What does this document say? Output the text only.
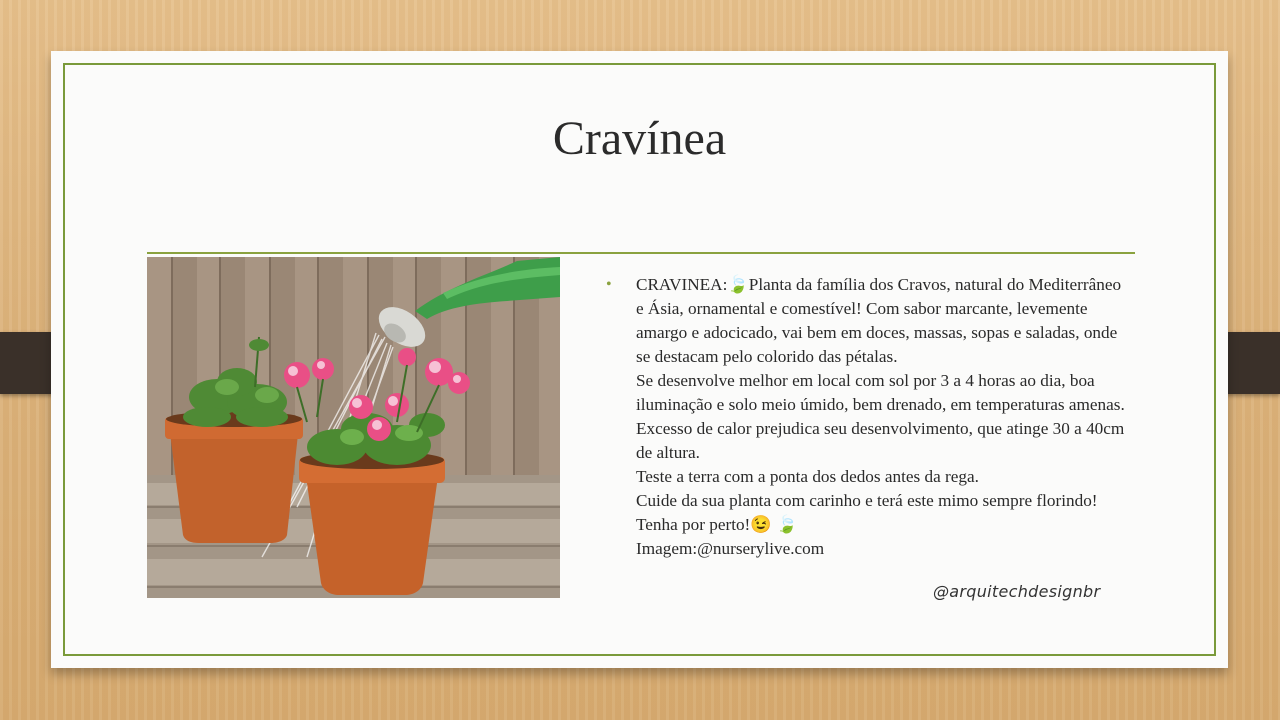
Cravínea
• CRAVINEA:🍃Planta da família dos Cravos, natural do Mediterrâneo e Ásia, ornamental e comestível! Com sabor marcante, levemente amargo e adocicado, vai bem em doces, massas, sopas e saladas, onde se destacam pelo colorido das pétalas.

Se desenvolve melhor em local com sol por 3 a 4 horas ao dia, boa iluminação e solo meio úmido, bem drenado, em temperaturas amenas. Excesso de calor prejudica seu desenvolvimento, que atinge 30 a 40cm de altura.

Teste a terra com a ponta dos dedos antes da rega.

Cuide da sua planta com carinho e terá este mimo sempre florindo! Tenha por perto!😉 🍃

Imagem:@nurserylive.com

@arquitechdesignbr
